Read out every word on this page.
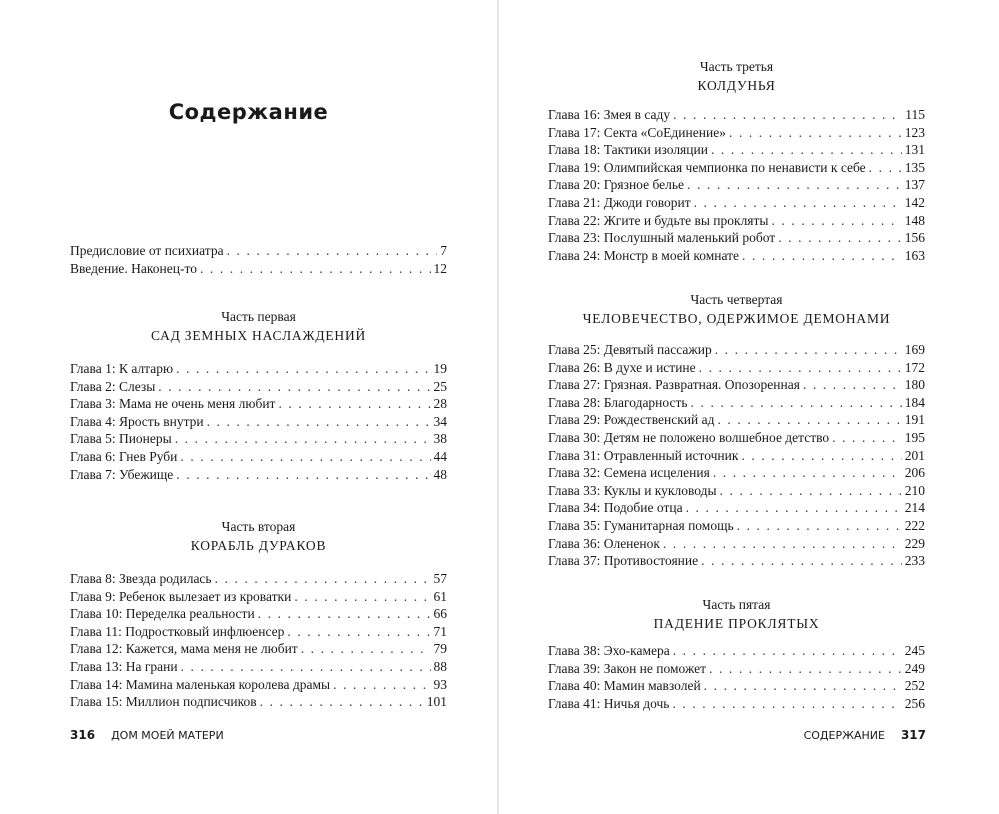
Содержание
Предисловие от психиатра . . .	7
Введение. Наконец-то . . .	12
Часть первая
САД ЗЕМНЫХ НАСЛАЖДЕНИЙ
Глава 1: К алтарю . . .	19
Глава 2: Слезы . . .	25
Глава 3: Мама не очень меня любит . . .	28
Глава 4: Ярость внутри . . .	34
Глава 5: Пионеры . . .	38
Глава 6: Гнев Руби . . .	44
Глава 7: Убежище . . .	48
Часть вторая
КОРАБЛЬ ДУРАКОВ
Глава 8: Звезда родилась . . .	57
Глава 9: Ребенок вылезает из кроватки . . .	61
Глава 10: Переделка реальности . . .	66
Глава 11: Подростковый инфлюенсер . . .	71
Глава 12: Кажется, мама меня не любит . . .	79
Глава 13: На грани . . .	88
Глава 14: Мамина маленькая королева драмы . . .	93
Глава 15: Миллион подписчиков . . .	101
316 ДОМ МОЕЙ МАТЕРИ
Часть третья
КОЛДУНЬЯ
Глава 16: Змея в саду . . .	115
Глава 17: Секта «СоЕдинение» . . .	123
Глава 18: Тактики изоляции . . .	131
Глава 19: Олимпийская чемпионка по ненависти к себе . . .	135
Глава 20: Грязное белье . . .	137
Глава 21: Джоди говорит . . .	142
Глава 22: Жгите и будьте вы прокляты . . .	148
Глава 23: Послушный маленький робот . . .	156
Глава 24: Монстр в моей комнате . . .	163
Часть четвертая
ЧЕЛОВЕЧЕСТВО, ОДЕРЖИМОЕ ДЕМОНАМИ
Глава 25: Девятый пассажир . . .	169
Глава 26: В духе и истине . . .	172
Глава 27: Грязная. Развратная. Опозоренная . . .	180
Глава 28: Благодарность . . .	184
Глава 29: Рождественский ад . . .	191
Глава 30: Детям не положено волшебное детство . . .	195
Глава 31: Отравленный источник . . .	201
Глава 32: Семена исцеления . . .	206
Глава 33: Куклы и кукловоды . . .	210
Глава 34: Подобие отца . . .	214
Глава 35: Гуманитарная помощь . . .	222
Глава 36: Олененок . . .	229
Глава 37: Противостояние . . .	233
Часть пятая
ПАДЕНИЕ ПРОКЛЯТЫХ
Глава 38: Эхо-камера . . .	245
Глава 39: Закон не поможет . . .	249
Глава 40: Мамин мавзолей . . .	252
Глава 41: Ничья дочь . . .	256
СОДЕРЖАНИЕ 317
